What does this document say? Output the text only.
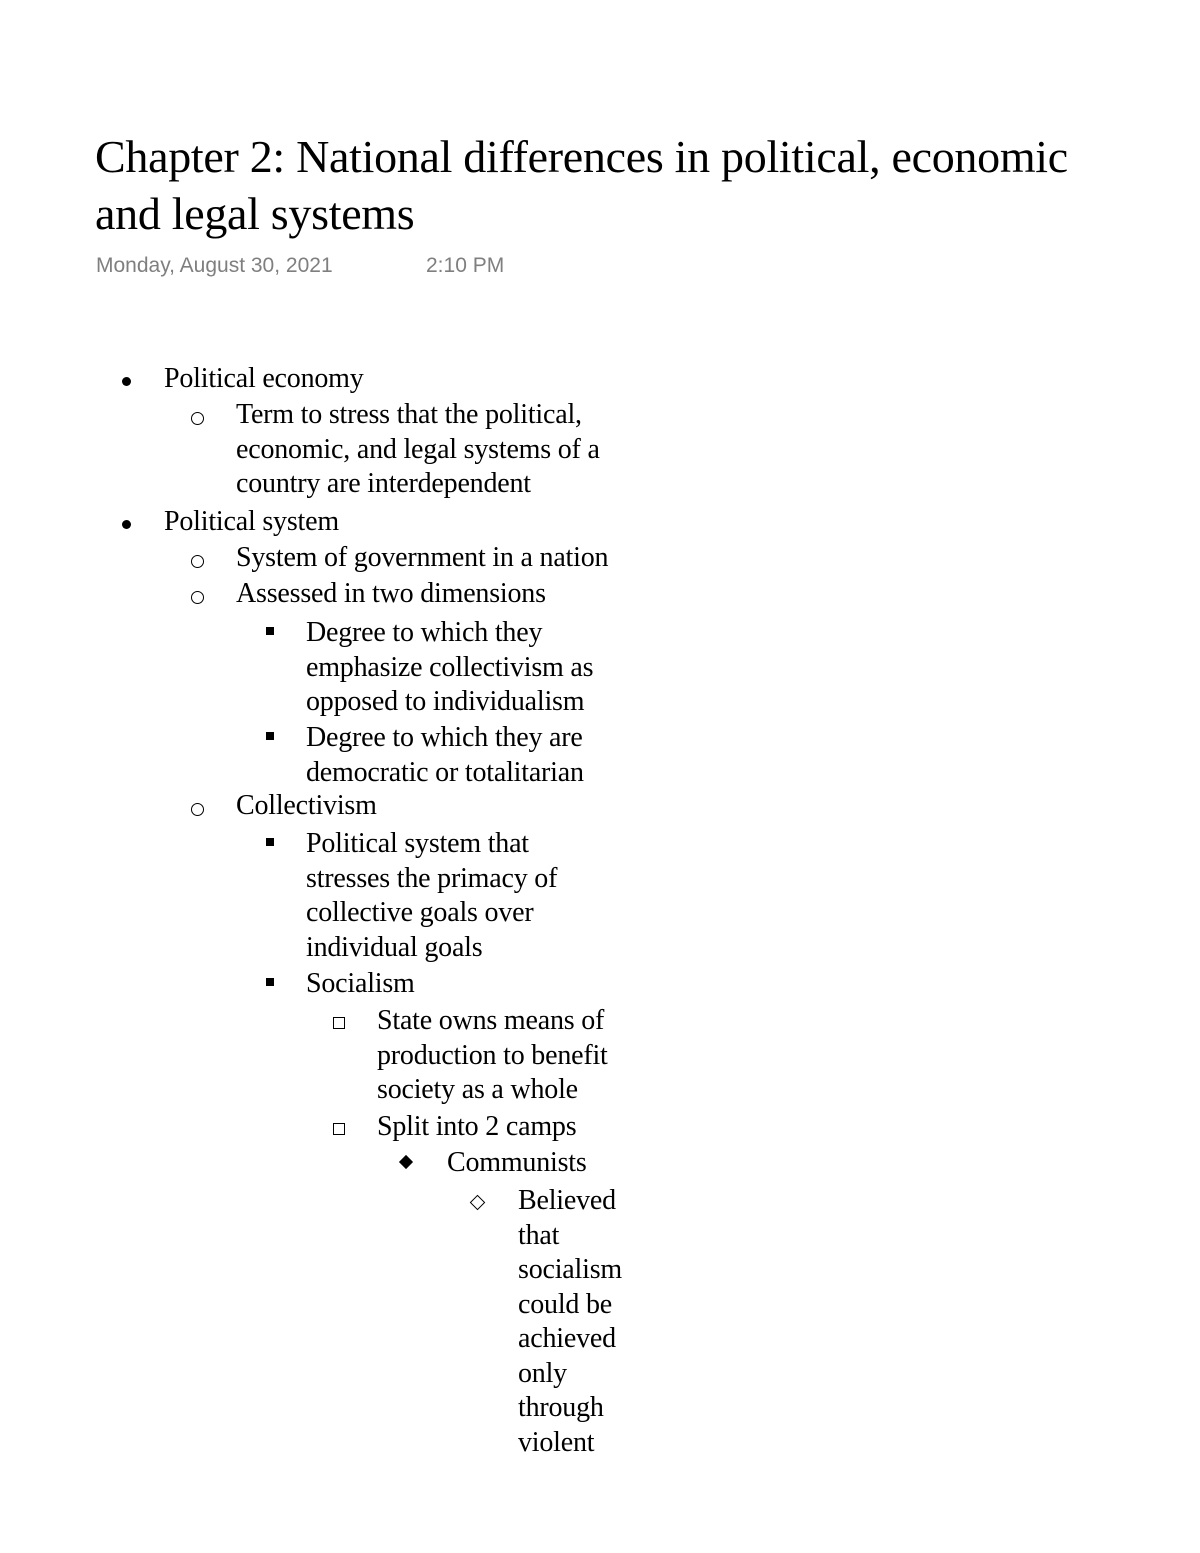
Chapter 2: National differences in political, economic and legal systems
Monday, August 30, 2021	2:10 PM
Political economy
Term to stress that the political, economic, and legal systems of a country are interdependent
Political system
System of government in a nation
Assessed in two dimensions
Degree to which they emphasize collectivism as opposed to individualism
Degree to which they are democratic or totalitarian
Collectivism
Political system that stresses the primacy of collective goals over individual goals
Socialism
State owns means of production to benefit society as a whole
Split into 2 camps
Communists
Believed that socialism could be achieved only through violent
